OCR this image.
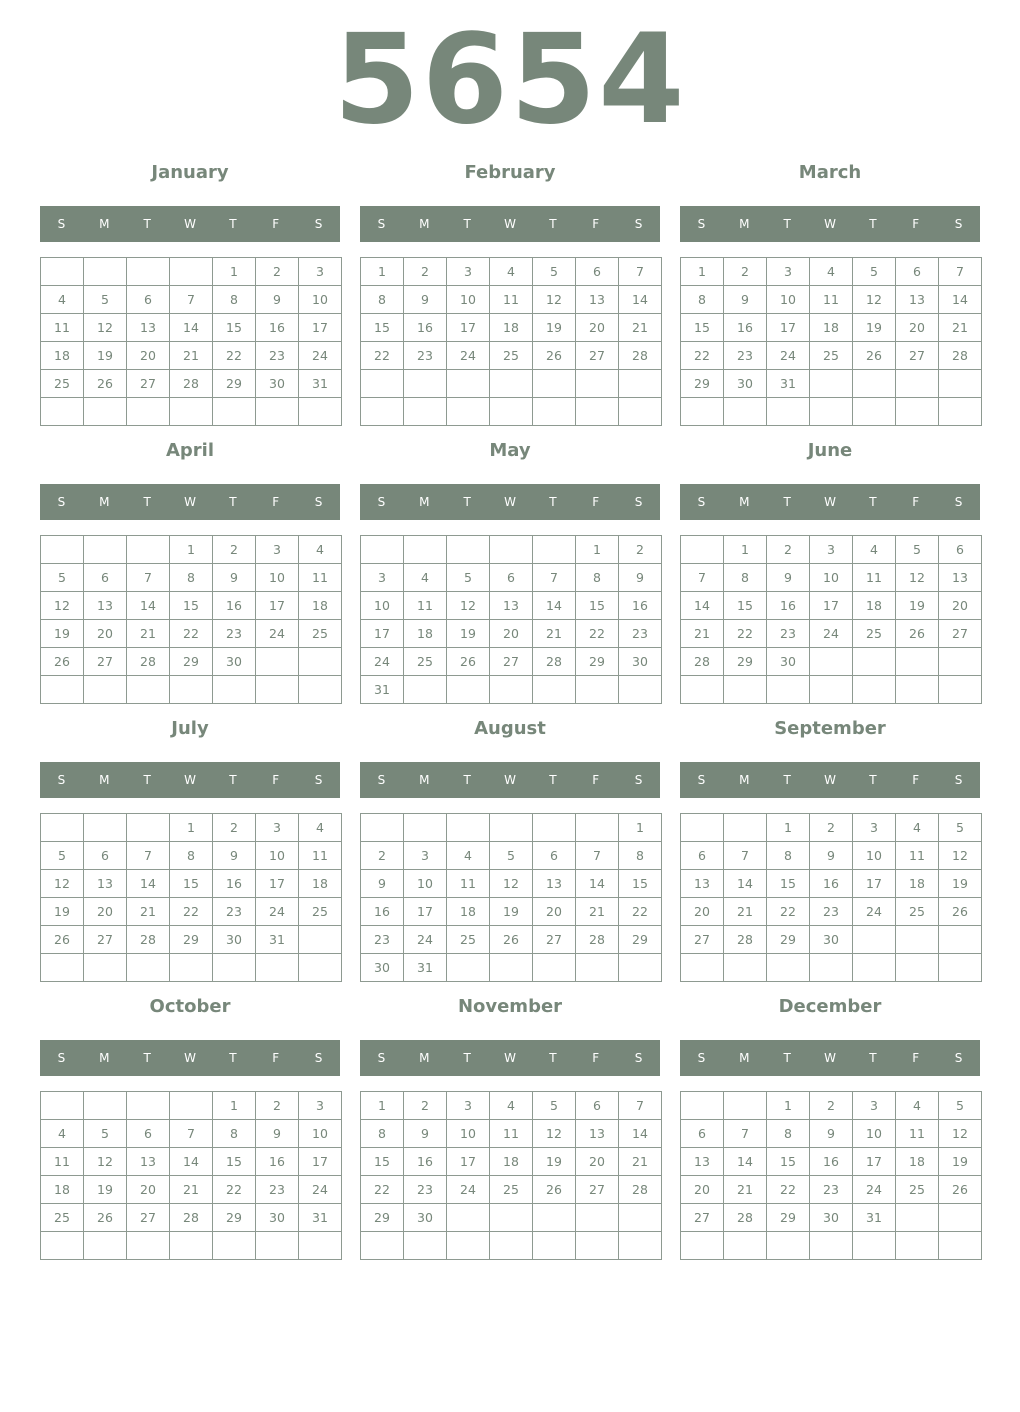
5654
January
S	M	T	W	T	F	S
				1	2	3
4	5	6	7	8	9	10
11	12	13	14	15	16	17
18	19	20	21	22	23	24
25	26	27	28	29	30	31

February
S	M	T	W	T	F	S
1	2	3	4	5	6	7
8	9	10	11	12	13	14
15	16	17	18	19	20	21
22	23	24	25	26	27	28

March
S	M	T	W	T	F	S
1	2	3	4	5	6	7
8	9	10	11	12	13	14
15	16	17	18	19	20	21
22	23	24	25	26	27	28
29	30	31				

April
S	M	T	W	T	F	S
			1	2	3	4
5	6	7	8	9	10	11
12	13	14	15	16	17	18
19	20	21	22	23	24	25
26	27	28	29	30		

May
S	M	T	W	T	F	S
					1	2
3	4	5	6	7	8	9
10	11	12	13	14	15	16
17	18	19	20	21	22	23
24	25	26	27	28	29	30
31						
June
S	M	T	W	T	F	S
	1	2	3	4	5	6
7	8	9	10	11	12	13
14	15	16	17	18	19	20
21	22	23	24	25	26	27
28	29	30				

July
S	M	T	W	T	F	S
			1	2	3	4
5	6	7	8	9	10	11
12	13	14	15	16	17	18
19	20	21	22	23	24	25
26	27	28	29	30	31	

August
S	M	T	W	T	F	S
						1
2	3	4	5	6	7	8
9	10	11	12	13	14	15
16	17	18	19	20	21	22
23	24	25	26	27	28	29
30	31					
September
S	M	T	W	T	F	S
		1	2	3	4	5
6	7	8	9	10	11	12
13	14	15	16	17	18	19
20	21	22	23	24	25	26
27	28	29	30			

October
S	M	T	W	T	F	S
				1	2	3
4	5	6	7	8	9	10
11	12	13	14	15	16	17
18	19	20	21	22	23	24
25	26	27	28	29	30	31

November
S	M	T	W	T	F	S
1	2	3	4	5	6	7
8	9	10	11	12	13	14
15	16	17	18	19	20	21
22	23	24	25	26	27	28
29	30					

December
S	M	T	W	T	F	S
		1	2	3	4	5
6	7	8	9	10	11	12
13	14	15	16	17	18	19
20	21	22	23	24	25	26
27	28	29	30	31		
